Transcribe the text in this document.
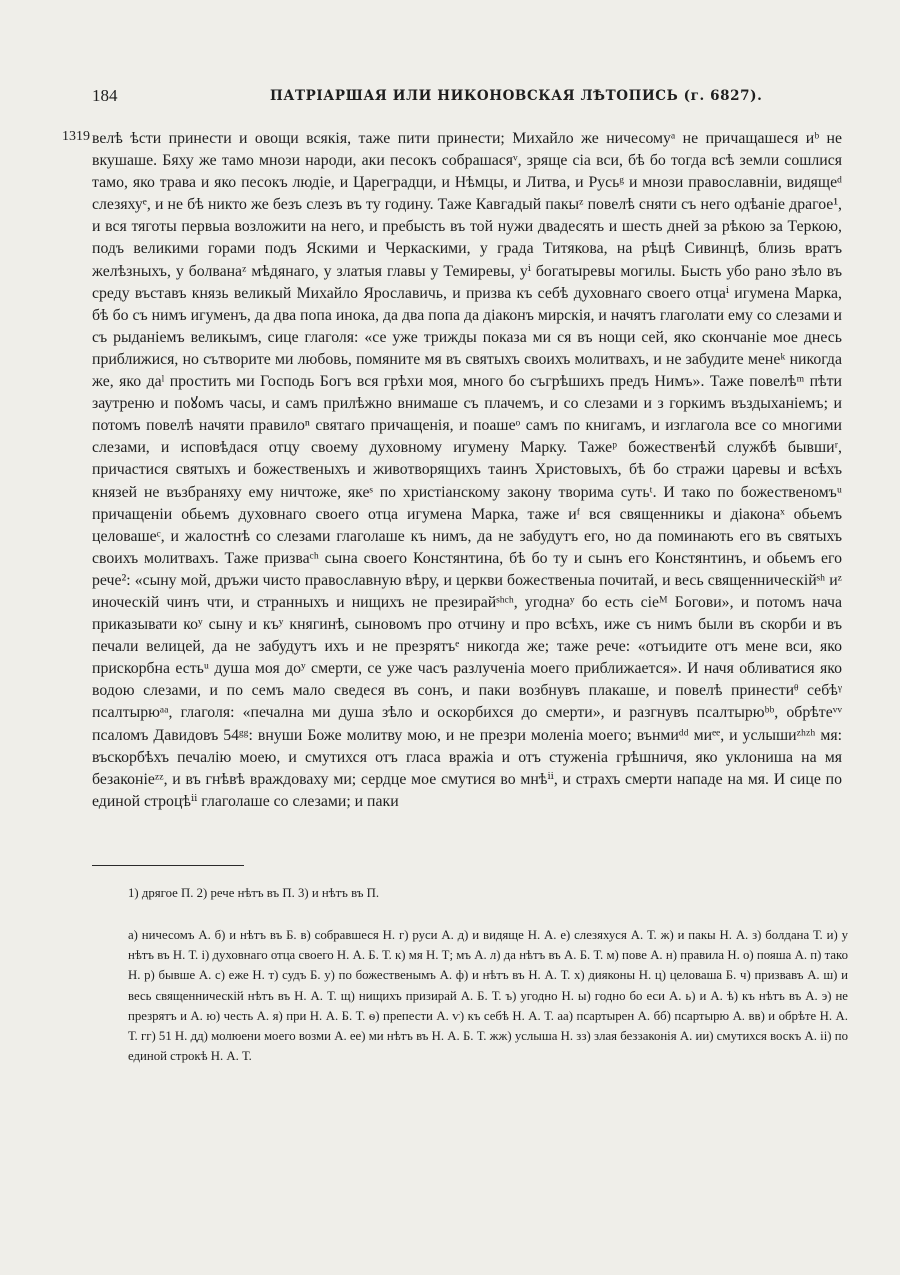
184	ПАТРІАРШАЯ ИЛИ НИКОНОВСКАЯ ЛѢТОПИСЬ (г. 6827).
1319 велѣ ѣсти принести и овощи всякія, таже пити принести; Михайло же ничесомуᵃ не причащашеся иᵇ не вкушаше. Бяху же тамо мнози народи, аки песокъ собрашасяᵛ, зряще сіа вси, бѣ бо тогда всѣ земли сошлися тамо, яко трава и яко песокъ людіе, и Цареградци, и Нѣмцы, и Литва, и Русьᵍ и мнози православніи, видящеᵈ слезяхуᵉ, и не бѣ никто же безъ слезъ въ ту годину. Таже Кавгадый пакыᶻ повелѣ сняти съ него одѣаніе драгое¹, и вся тяготы первыа возложити на него, и пребысть въ той нужи двадесять и шесть дней за рѣкою за Теркою, подъ великими горами подъ Яскими и Черкаскими, у града Титякова, на рѣцѣ Сивинцѣ, близь вратъ желѣзныхъ, у болванаᶻ мѣдянаго, у златыя главы у Темиревы, уⁱ богатыревы могилы. Бысть убо рано зѣло въ среду въставъ князь великый Михайло Ярославичь, и призва къ себѣ духовнаго своего отцаⁱ игумена Марка, бѣ бо съ нимъ игуменъ, да два попа инока, да два попа да діаконъ мирскія, и начятъ глаголати ему со слезами и съ рыданіемъ великымъ, сице глаголя: «се уже трижды показа ми ся въ нощи сей, яко скончаніе мое днесь приближися, но сътворите ми любовь, помяните мя въ святыхъ своихъ молитвахъ, и не забудите менеᵏ никогда же, яко даˡ простить ми Господь Богъ вся грѣхи моя, много бо съгрѣшихъ предъ Нимъ». Таже повелѣᵐ пѣти заутреню и поꙋомъ часы, и самъ прилѣжно внимаше съ плачемъ, и со слезами и з горкимъ въздыханіемъ; и потомъ повелѣ начяти правилоⁿ святаго причащенія, и поашеᵒ самъ по книгамъ, и изглагола все со многими слезами, и исповѣдася отцу своему духовному игумену Марку. Тажеᵖ божественѣй службѣ бывшиʳ, причастися святыхъ и божественыхъ и животворящихъ таинъ Христовыхъ, бѣ бо стражи царевы и всѣхъ князей не възбраняху ему ничтоже, якеˢ по христіанскому закону творима сутьᵗ. И тако по божественомъᵘ причащеніи обьемъ духовнаго своего отца игумена Марка, таже иᶠ вся священникы и діаконаˣ обьемъ целовашеᶜ, и жалостнѣ со слезами глаголаше къ нимъ, да не забудутъ его, но да поминають его въ святыхъ своихъ молитвахъ. Таже призваᶜʰ сына своего Констянтина, бѣ бо ту и сынъ его Констянтинъ, и обьемъ его рече²: «сыну мой, дръжи чисто православную вѣру, и церкви божественыа почитай, и весь священническійˢʰ иᶻ иноческій чинъ чти, и странныхъ и нищихъ не презирайˢʰᶜʰ, угоднаʸ бо есть сіеᴹ Богови», и потомъ нача приказывати коʸ сыну и къʸ княгинѣ, сыновомъ про отчину и про всѣхъ, иже съ нимъ были въ скорби и въ печали велицей, да не забудутъ ихъ и не презрятъᵉ никогда же; таже рече: «отъидите отъ мене вси, яко прискорбна естьᵘ душа моя доʸ смерти, се уже часъ разлученіа моего приближается». И начя обливатися яко водою слезами, и по семъ мало сведеся въ сонъ, и паки возбнувъ плакаше, и повелѣ принестиᶿ себѣᵞ псалтырюᵃᵃ, глаголя: «печална ми душа зѣло и оскорбихся до смерти», и разгнувъ псалтырюᵇᵇ, обрѣтеᵛᵛ псаломъ Давидовъ 54ᵍᵍ: внуши Боже молитву мою, и не презри моленіа моего; вънмиᵈᵈ миᵉᵉ, и услышиᶻʰᶻʰ мя: въскорбѣхъ печалію моею, и смутихся отъ гласа вражіа и отъ стуженіа грѣшничя, яко уклониша на мя безаконіеᶻᶻ, и въ гнѣвѣ враждоваху ми; сердце мое смутися во мнѣⁱⁱ, и страхъ смерти нападе на мя. И сице по единой строцѣⁱⁱ глаголаше со слезами; и паки

1) дрягое П. 2) рече нѣтъ въ П. 3) и нѣтъ въ П.
а) ничесомъ А. б) и нѣтъ въ Б. в) собравшеся Н. г) руси А. д) и видяще Н. А. е) слезяхуся А. Т. ж) и пакы Н. А. з) болдана Т. и) у нѣтъ въ Н. Т. і) духовнаго отца своего Н. А. Б. Т. к) мя Н. Т; мъ А. л) да нѣтъ въ А. Б. Т. м) пове А. н) правила Н. о) пояша А. п) тако Н. р) бывше А. с) еже Н. т) судъ Б. у) по божественымъ А. ф) и нѣтъ въ Н. А. Т. х) дияконы Н. ц) целоваша Б. ч) призвавъ А. ш) и весь священническій нѣтъ въ Н. А. Т. щ) нищихъ призирай А. Б. Т. ъ) угодно Н. ы) годно бо еси А. ь) и А. ѣ) къ нѣтъ въ А. э) не презрятъ и А. ю) честь А. я) при Н. А. Б. Т. ѳ) препести А. ѵ) къ себѣ Н. А. Т. аа) псартырен А. бб) псартырю А. вв) и обрѣте Н. А. Т. гг) 51 Н. дд) молюени моего возми А. ее) ми нѣтъ въ Н. А. Б. Т. жж) услыша Н. зз) злая беззаконія А. ии) смутихся воскъ А. іі) по единой строкѣ Н. А. Т.
